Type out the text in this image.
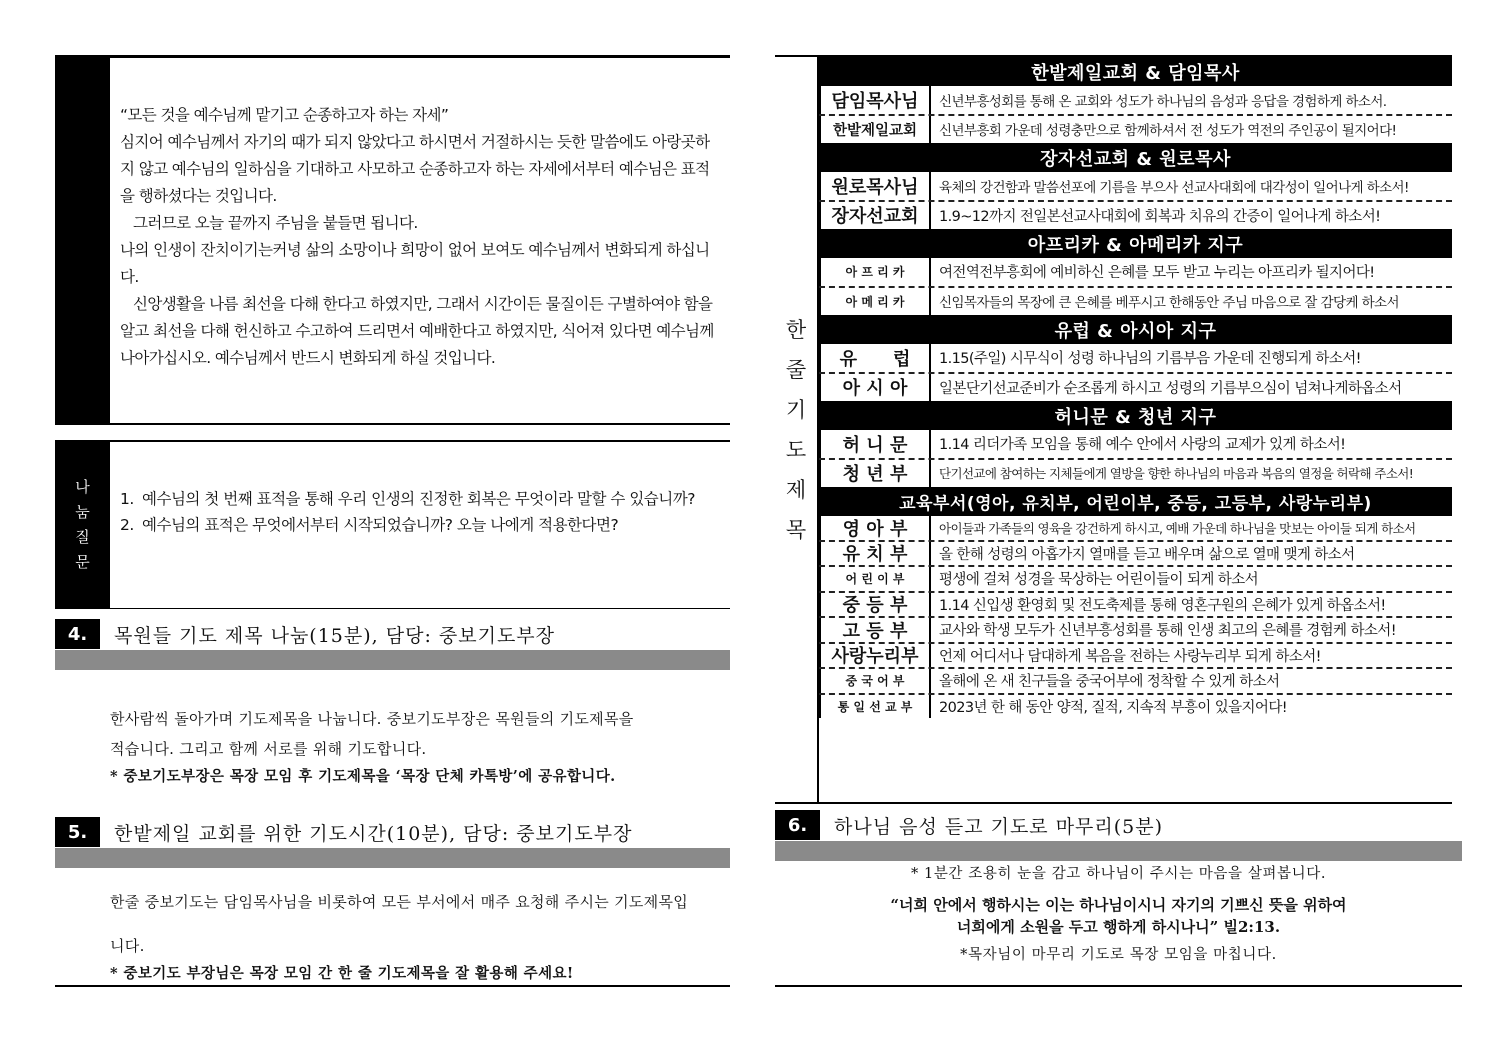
“모든 것을 예수님께 맡기고 순종하고자 하는 자세”

심지어 예수님께서 자기의 때가 되지 않았다고 하시면서 거절하시는 듯한 말씀에도 아랑곳하지 않고 예수님의 일하심을 기대하고 사모하고 순종하고자 하는 자세에서부터 예수님은 표적을 행하셨다는 것입니다.

그러므로 오늘 끝까지 주님을 붙들면 됩니다.

나의 인생이 잔치이기는커녕 삶의 소망이나 희망이 없어 보여도 예수님께서 변화되게 하십니다.

신앙생활을 나름 최선을 다해 한다고 하였지만, 그래서 시간이든 물질이든 구별하여야 함을 알고 최선을 다해 헌신하고 수고하여 드리면서 예배한다고 하였지만, 식어져 있다면 예수님께 나아가십시오. 예수님께서 반드시 변화되게 하실 것입니다.

나
눔
질
문
1. 예수님의 첫 번째 표적을 통해 우리 인생의 진정한 회복은 무엇이라 말할 수 있습니까?
2. 예수님의 표적은 무엇에서부터 시작되었습니까? 오늘 나에게 적용한다면?
4.	목원들 기도 제목 나눔(15분), 담당: 중보기도부장
한사람씩 돌아가며 기도제목을 나눕니다. 중보기도부장은 목원들의 기도제목을
적습니다. 그리고 함께 서로를 위해 기도합니다.
* 중보기도부장은 목장 모임 후 기도제목을 ‘목장 단체 카톡방’에 공유합니다.
5.	한밭제일 교회를 위한 기도시간(10분), 담당: 중보기도부장
한줄 중보기도는 담임목사님을 비롯하여 모든 부서에서 매주 요청해 주시는 기도제목입
니다.
* 중보기도 부장님은 목장 모임 간 한 줄 기도제목을 잘 활용해 주세요!
한
줄
기
도
제
목
한밭제일교회 & 담임목사
담임목사님	신년부흥성회를 통해 온 교회와 성도가 하나님의 음성과 응답을 경험하게 하소서.
한밭제일교회	신년부흥회 가운데 성령충만으로 함께하셔서 전 성도가 역전의 주인공이 될지어다!
장자선교회 & 원로목사
원로목사님	육체의 강건함과 말씀선포에 기름을 부으사 선교사대회에 대각성이 일어나게 하소서!
장자선교회	1.9~12까지 전일본선교사대회에 회복과 치유의 간증이 일어나게 하소서!
아프리카 & 아메리카 지구
아 프 리 카	여전역전부흥회에 예비하신 은혜를 모두 받고 누리는 아프리카 될지어다!
아 메 리 카	신임목자들의 목장에 큰 은혜를 베푸시고 한해동안 주님 마음으로 잘 감당케 하소서
유럽 & 아시아 지구
유　　럽	1.15(주일) 시무식이 성령 하나님의 기름부음 가운데 진행되게 하소서!
아 시 아	일본단기선교준비가 순조롭게 하시고 성령의 기름부으심이 넘쳐나게하옵소서
허니문 & 청년 지구
허 니 문	1.14 리더가족 모임을 통해 예수 안에서 사랑의 교제가 있게 하소서!
청 년 부	단기선교에 참여하는 지체들에게 열방을 향한 하나님의 마음과 복음의 열정을 허락해 주소서!
교육부서(영아, 유치부, 어린이부, 중등, 고등부, 사랑누리부)
영 아 부	아이들과 가족들의 영육을 강건하게 하시고, 예배 가운데 하나님을 맛보는 아이들 되게 하소서
유 치 부	올 한해 성령의 아홉가지 열매를 듣고 배우며 삶으로 열매 맺게 하소서
어 린 이 부	평생에 걸쳐 성경을 묵상하는 어린이들이 되게 하소서
중 등 부	1.14 신입생 환영회 및 전도축제를 통해 영혼구원의 은혜가 있게 하옵소서!
고 등 부	교사와 학생 모두가 신년부흥성회를 통해 인생 최고의 은혜를 경험케 하소서!
사랑누리부	언제 어디서나 담대하게 복음을 전하는 사랑누리부 되게 하소서!
중 국 어 부	올해에 온 새 친구들을 중국어부에 정착할 수 있게 하소서
통 일 선 교 부	2023년 한 해 동안 양적, 질적, 지속적 부흥이 있을지어다!
6.	하나님 음성 듣고 기도로 마무리(5분)
* 1분간 조용히 눈을 감고 하나님이 주시는 마음을 살펴봅니다.
“너희 안에서 행하시는 이는 하나님이시니 자기의 기쁘신 뜻을 위하여
너희에게 소원을 두고 행하게 하시나니” 빌2:13.
*목자님이 마무리 기도로 목장 모임을 마칩니다.
